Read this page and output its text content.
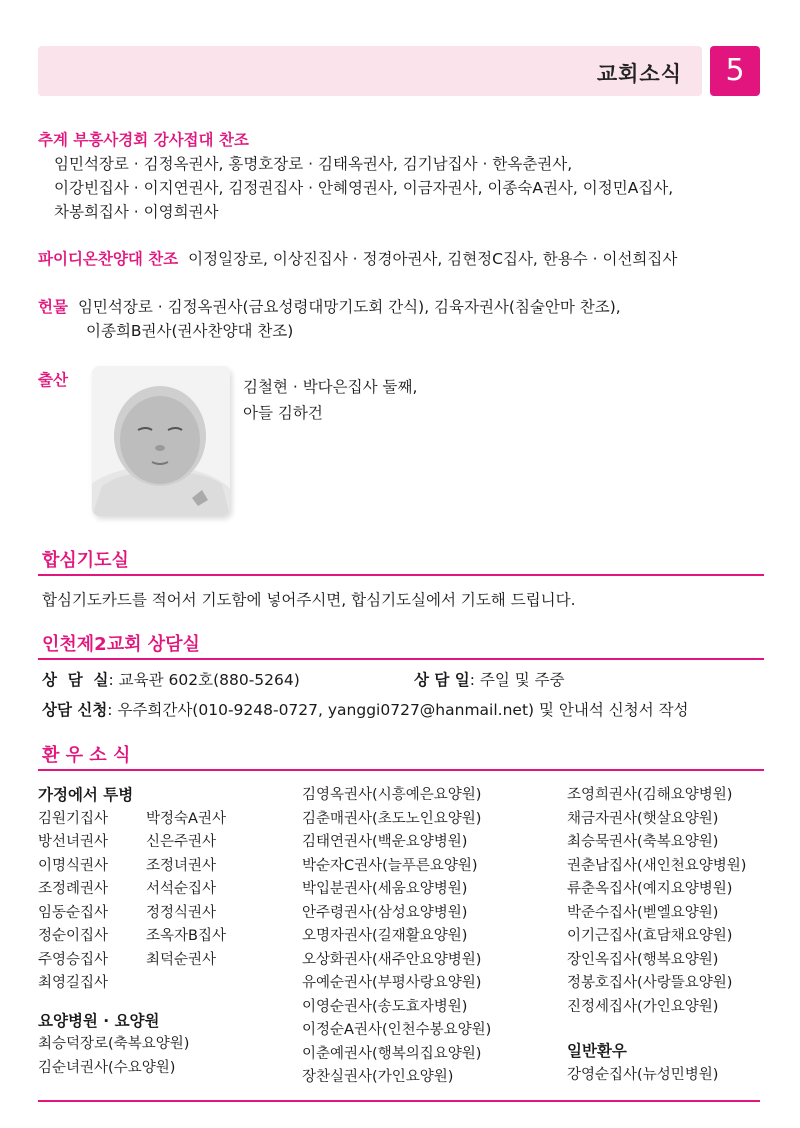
교회소식	5
추계 부흥사경회 강사접대 찬조
임민석장로 · 김정옥권사, 홍명호장로 · 김태옥권사, 김기남집사 · 한옥춘권사,
이강빈집사 · 이지연권사, 김정권집사 · 안혜영권사, 이금자권사, 이종숙A권사, 이정민A집사,
차봉희집사 · 이영희권사
파이디온찬양대 찬조 이정일장로, 이상진집사 · 정경아권사, 김현정C집사, 한용수 · 이선희집사
헌물 임민석장로 · 김정옥권사(금요성령대망기도회 간식), 김육자권사(침술안마 찬조),
이종희B권사(권사찬양대 찬조)
출산	김철현 · 박다은집사 둘째,
아들 김하건
합심기도실
합심기도카드를 적어서 기도함에 넣어주시면, 합심기도실에서 기도해 드립니다.
인천제2교회 상담실
상  담  실: 교육관 602호(880-5264)	상 담 일: 주일 및 주중
상담 신청: 우주희간사(010-9248-0727, yanggi0727@hanmail.net) 및 안내석 신청서 작성
환 우 소 식
가정에서 투병
김원기집사	박정숙A권사
방선녀권사	신은주권사
이명식권사	조정녀권사
조정례권사	서석순집사
임동순집사	정정식권사
정순이집사	조옥자B집사
주영승집사	최덕순권사
최영길집사
요양병원 · 요양원
최승덕장로(축복요양원)
김순녀권사(수요양원)
김영옥권사(시흥예은요양원)
김춘매권사(초도노인요양원)
김태연권사(백운요양병원)
박순자C권사(늘푸른요양원)
박입분권사(세움요양병원)
안주령권사(삼성요양병원)
오명자권사(길재활요양원)
오상화권사(새주안요양병원)
유예순권사(부평사랑요양원)
이영순권사(송도효자병원)
이정순A권사(인천수봉요양원)
이춘예권사(행복의집요양원)
장찬실권사(가인요양원)
조영희권사(김해요양병원)
채금자권사(햇살요양원)
최승묵권사(축복요양원)
권춘남집사(새인천요양병원)
류춘옥집사(예지요양병원)
박준수집사(벧엘요양원)
이기근집사(효담채요양원)
장인옥집사(행복요양원)
정봉호집사(사랑뜰요양원)
진정세집사(가인요양원)
일반환우
강영순집사(뉴성민병원)
